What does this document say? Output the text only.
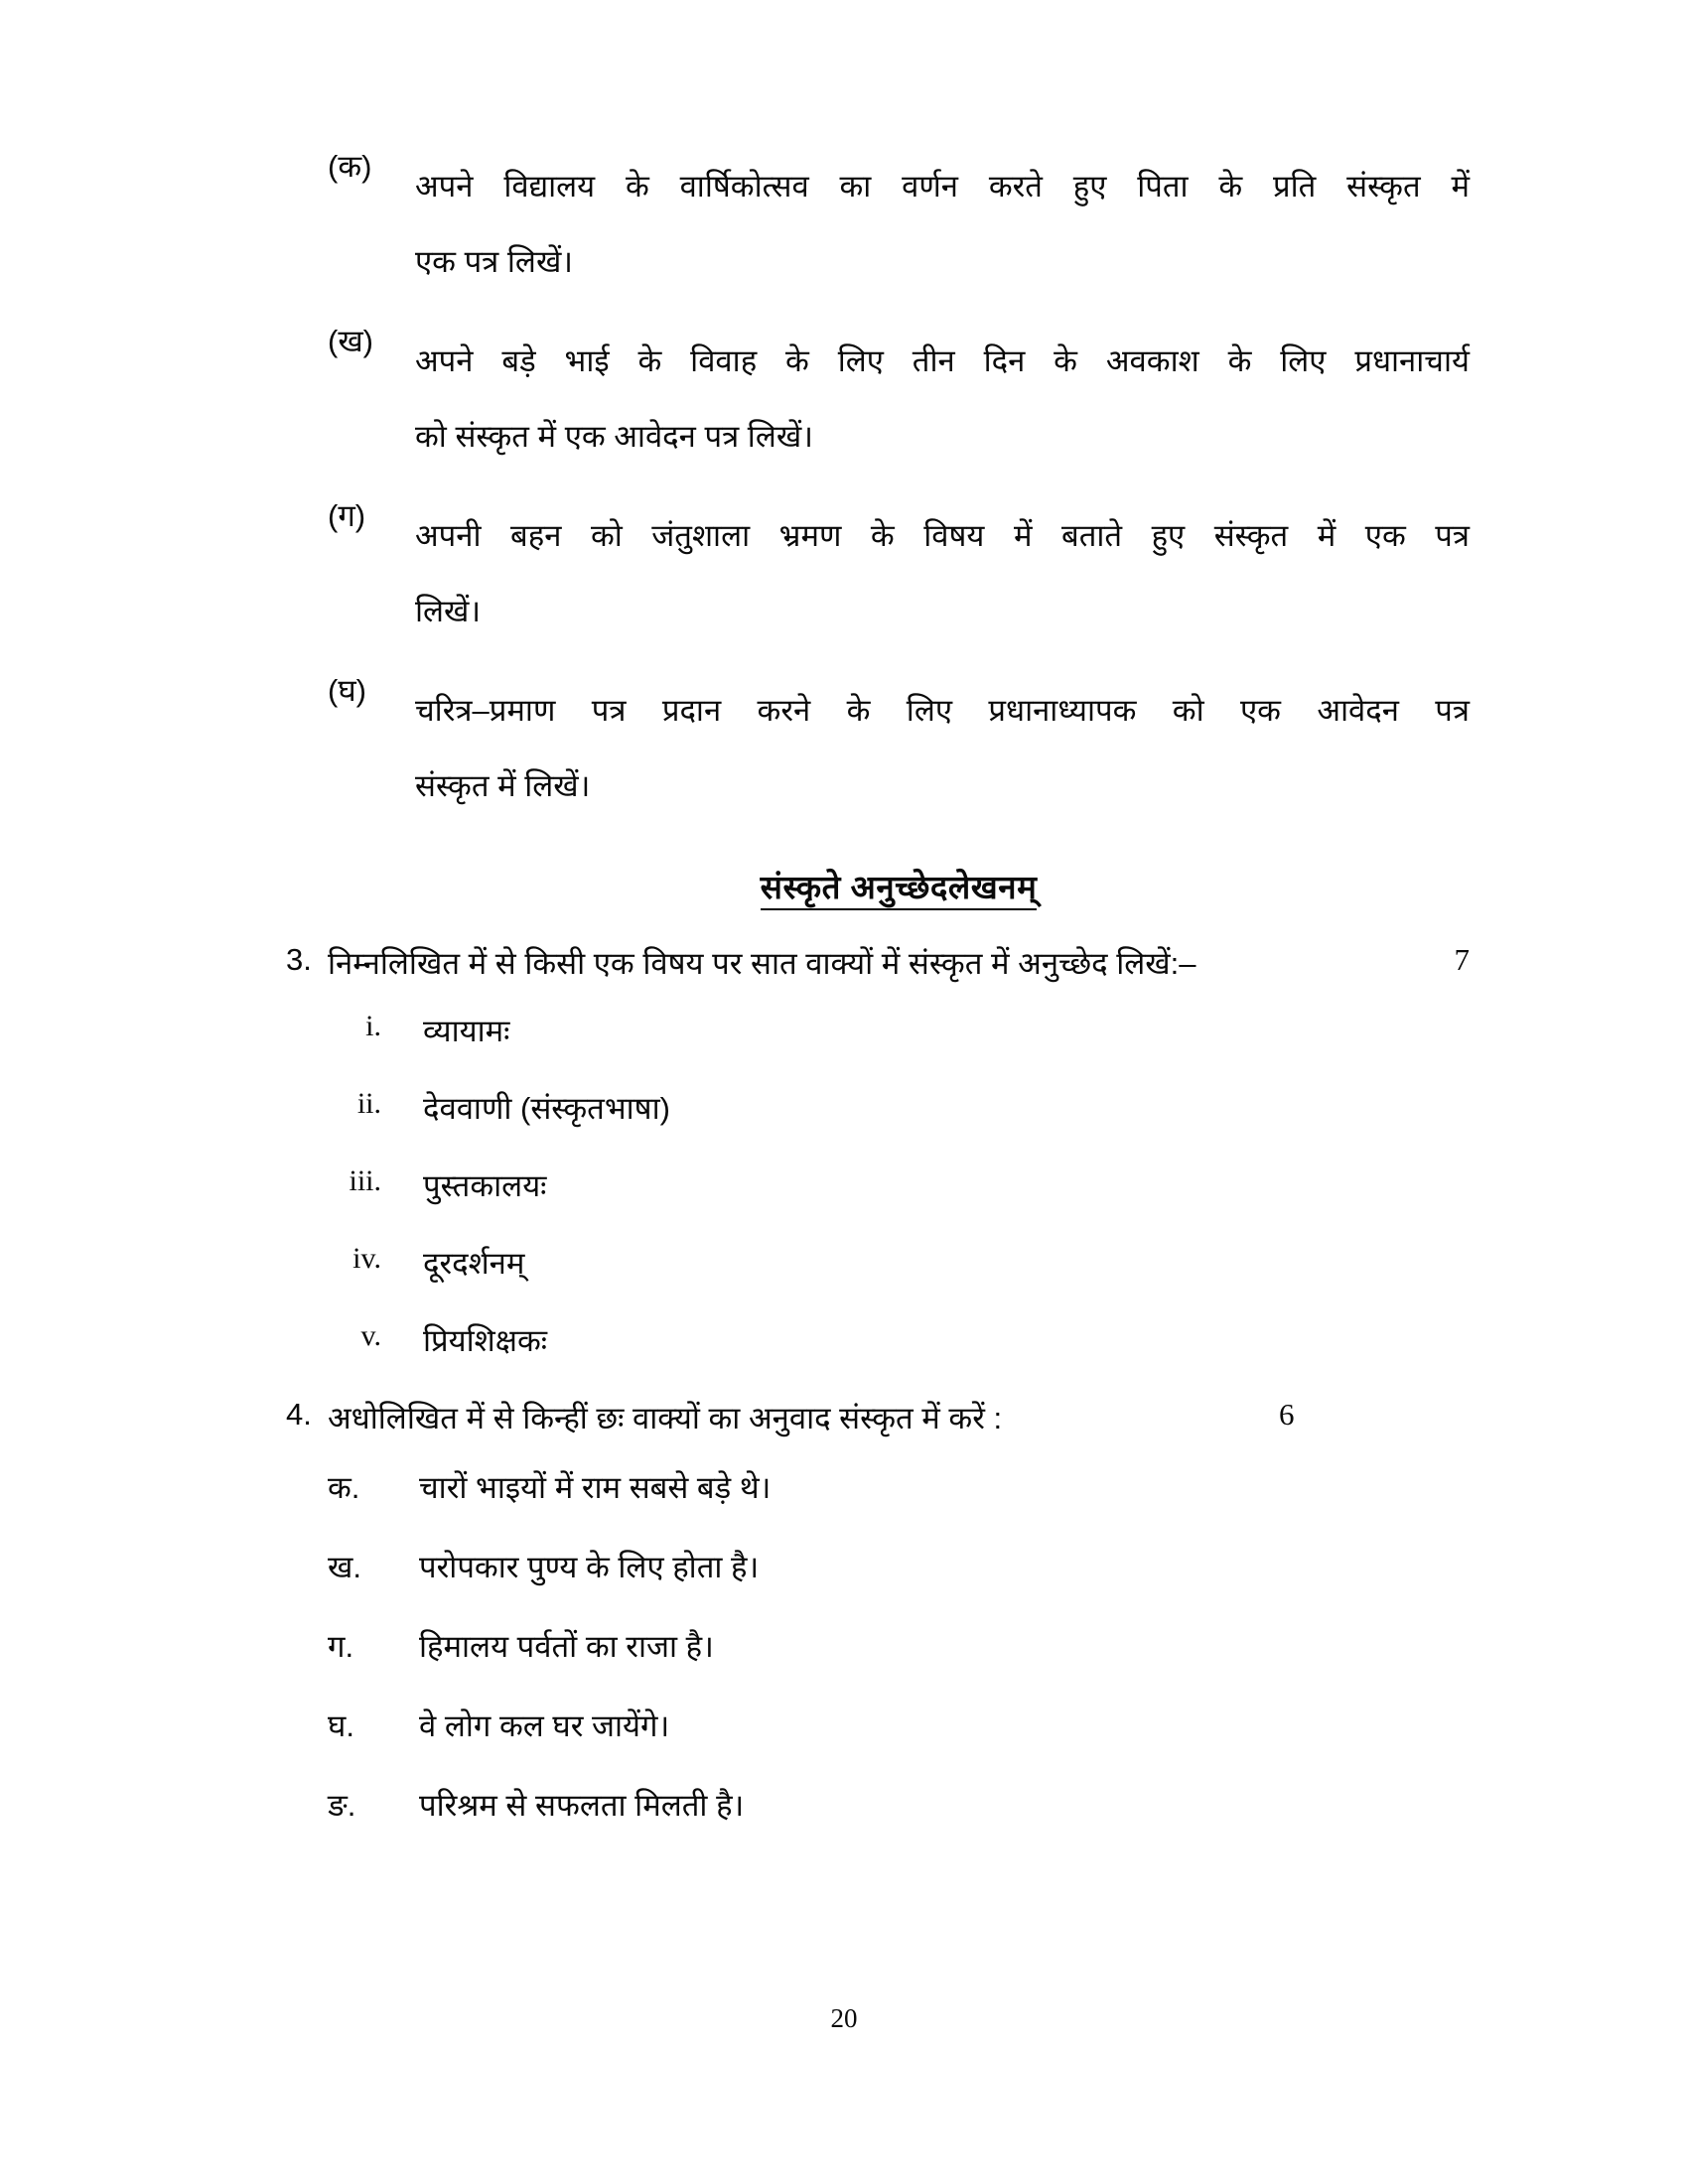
(क)
अपने विद्यालय के वार्षिकोत्सव का वर्णन करते हुए पिता के प्रति संस्कृत में
एक पत्र लिखें।
(ख)
अपने बड़े भाई के विवाह के लिए तीन दिन के अवकाश के लिए प्रधानाचार्य
को संस्कृत में एक आवेदन पत्र लिखें।
(ग)
अपनी बहन को जंतुशाला भ्रमण के विषय में बताते हुए संस्कृत में एक पत्र
लिखें।
(घ)
चरित्र–प्रमाण पत्र प्रदान करने के लिए प्रधानाध्यापक को एक आवेदन पत्र
संस्कृत में लिखें।
संस्कृते अनुच्छेदलेखनम्
3. निम्नलिखित में से किसी एक विषय पर सात वाक्यों में संस्कृत में अनुच्छेद लिखें:–	7
i.	व्यायामः
ii.	देववाणी (संस्कृतभाषा)
iii.	पुस्तकालयः
iv.	दूरदर्शनम्
v.	प्रियशिक्षकः
4. अधोलिखित में से किन्हीं छः वाक्यों का अनुवाद संस्कृत में करें :	6
क.	चारों भाइयों में राम सबसे बड़े थे।
ख.	परोपकार पुण्य के लिए होता है।
ग.	हिमालय पर्वतों का राजा है।
घ.	वे लोग कल घर जायेंगे।
ङ.	परिश्रम से सफलता मिलती है।
20
